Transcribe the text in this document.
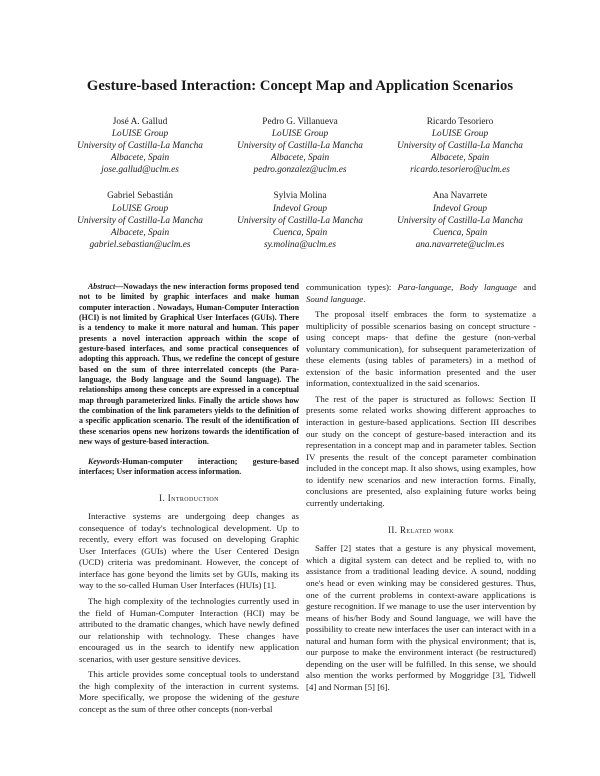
Gesture-based Interaction: Concept Map and Application Scenarios
José A. Gallud
LoUISE Group
University of Castilla-La Mancha
Albacete, Spain
jose.gallud@uclm.es
Pedro G. Villanueva
LoUISE Group
University of Castilla-La Mancha
Albacete, Spain
pedro.gonzalez@uclm.es
Ricardo Tesoriero
LoUISE Group
University of Castilla-La Mancha
Albacete, Spain
ricardo.tesoriero@uclm.es
Gabriel Sebastián
LoUISE Group
University of Castilla-La Mancha
Albacete, Spain
gabriel.sebastian@uclm.es
Sylvia Molina
Indevol Group
University of Castilla-La Mancha
Cuenca, Spain
sy.molina@uclm.es
Ana Navarrete
Indevol Group
University of Castilla-La Mancha
Cuenca, Spain
ana.navarrete@uclm.es

Abstract—Nowadays the new interaction forms proposed tend not to be limited by graphic interfaces and make human computer interaction . Nowadays, Human-Computer Interaction (HCI) is not limited by Graphical User Interfaces (GUIs). There is a tendency to make it more natural and human. This paper presents a novel interaction approach within the scope of gesture-based interfaces, and some practical consequences of adopting this approach. Thus, we redefine the concept of gesture based on the sum of three interrelated concepts (the Para-language, the Body language and the Sound language). The relationships among these concepts are expressed in a conceptual map through parameterized links. Finally the article shows how the combination of the link parameters yields to the definition of a specific application scenario. The result of the identification of these scenarios opens new horizons towards the identification of new ways of gesture-based interaction.

Keywords-Human-computer interaction; gesture-based interfaces; User information access information.

I. Introduction

Interactive systems are undergoing deep changes as consequence of today's technological development. Up to recently, every effort was focused on developing Graphic User Interfaces (GUIs) where the User Centered Design (UCD) criteria was predominant. However, the concept of interface has gone beyond the limits set by GUIs, making its way to the so-called Human User Interfaces (HUIs) [1].

The high complexity of the technologies currently used in the field of Human-Computer Interaction (HCI) may be attributed to the dramatic changes, which have newly defined our relationship with technology. These changes have encouraged us in the search to identify new application scenarios, with user gesture sensitive devices.

This article provides some conceptual tools to understand the high complexity of the interaction in current systems. More specifically, we propose the widening of the gesture concept as the sum of three other concepts (non-verbal

communication types): Para-language, Body language and Sound language.

The proposal itself embraces the form to systematize a multiplicity of possible scenarios basing on concept structure -using concept maps- that define the gesture (non-verbal voluntary communication), for subsequent parameterization of these elements (using tables of parameters) in a method of extension of the basic information presented and the user information, contextualized in the said scenarios.

The rest of the paper is structured as follows: Section II presents some related works showing different approaches to interaction in gesture-based applications. Section III describes our study on the concept of gesture-based interaction and its representation in a concept map and in parameter tables. Section IV presents the result of the concept parameter combination included in the concept map. It also shows, using examples, how to identify new scenarios and new interaction forms. Finally, conclusions are presented, also explaining future works being currently undertaking.

II. Related work

Saffer [2] states that a gesture is any physical movement, which a digital system can detect and be replied to, with no assistance from a traditional leading device. A sound, nodding one's head or even winking may be considered gestures. Thus, one of the current problems in context-aware applications is gesture recognition. If we manage to use the user intervention by means of his/her Body and Sound language, we will have the possibility to create new interfaces the user can interact with in a natural and human form with the physical environment; that is, our purpose to make the environment interact (be restructured) depending on the user will be fulfilled. In this sense, we should also mention the works performed by Moggridge [3], Tidwell [4] and Norman [5] [6].
